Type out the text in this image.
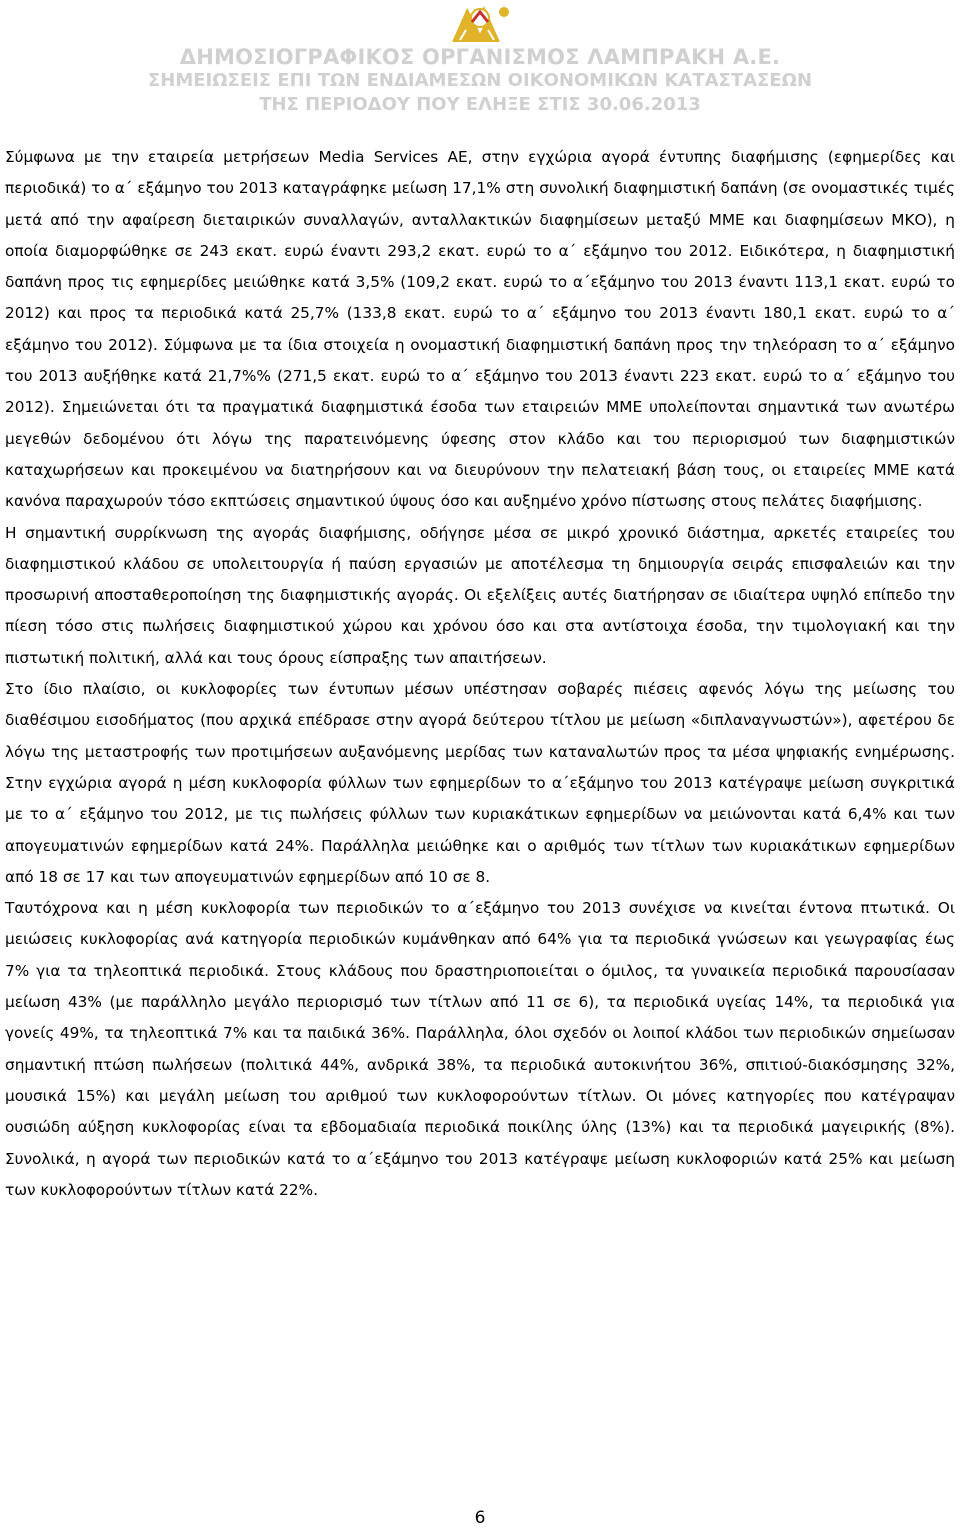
ΔΗΜΟΣΙΟΓΡΑΦΙΚΟΣ ΟΡΓΑΝΙΣΜΟΣ ΛΑΜΠΡΑΚΗ Α.Ε.
ΣΗΜΕΙΩΣΕΙΣ ΕΠΙ ΤΩΝ ΕΝΔΙΑΜΕΣΩΝ ΟΙΚΟΝΟΜΙΚΩΝ ΚΑΤΑΣΤΑΣΕΩΝ
ΤΗΣ ΠΕΡΙΟΔΟΥ ΠΟΥ ΕΛΗΞΕ ΣΤΙΣ 30.06.2013

Σύμφωνα με την εταιρεία μετρήσεων Media Services ΑΕ, στην εγχώρια αγορά έντυπης διαφήμισης (εφημερίδες και περιοδικά) το α΄ εξάμηνο του 2013 καταγράφηκε μείωση 17,1% στη συνολική διαφημιστική δαπάνη (σε ονομαστικές τιμές μετά από την αφαίρεση διεταιρικών συναλλαγών, ανταλλακτικών διαφημίσεων μεταξύ ΜΜΕ και διαφημίσεων ΜΚΟ), η οποία διαμορφώθηκε σε 243 εκατ. ευρώ έναντι 293,2 εκατ. ευρώ το α΄ εξάμηνο του 2012. Ειδικότερα, η διαφημιστική δαπάνη προς τις εφημερίδες μειώθηκε κατά 3,5% (109,2 εκατ. ευρώ το α΄εξάμηνο του 2013 έναντι 113,1 εκατ. ευρώ το 2012) και προς τα περιοδικά κατά 25,7% (133,8 εκατ. ευρώ το α΄ εξάμηνο του 2013 έναντι 180,1 εκατ. ευρώ το α΄ εξάμηνο του 2012). Σύμφωνα με τα ίδια στοιχεία η ονομαστική διαφημιστική δαπάνη προς την τηλεόραση το α΄ εξάμηνο του 2013 αυξήθηκε κατά 21,7%% (271,5 εκατ. ευρώ το α΄ εξάμηνο του 2013 έναντι 223 εκατ. ευρώ το α΄ εξάμηνο του 2012). Σημειώνεται ότι τα πραγματικά διαφημιστικά έσοδα των εταιρειών ΜΜΕ υπολείπονται σημαντικά των ανωτέρω μεγεθών δεδομένου ότι λόγω της παρατεινόμενης ύφεσης στον κλάδο και του περιορισμού των διαφημιστικών καταχωρήσεων και προκειμένου να διατηρήσουν και να διευρύνουν την πελατειακή βάση τους, οι εταιρείες ΜΜΕ κατά κανόνα παραχωρούν τόσο εκπτώσεις σημαντικού ύψους όσο και αυξημένο χρόνο πίστωσης στους πελάτες διαφήμισης.

Η σημαντική συρρίκνωση της αγοράς διαφήμισης, οδήγησε μέσα σε μικρό χρονικό διάστημα, αρκετές εταιρείες του διαφημιστικού κλάδου σε υπολειτουργία ή παύση εργασιών με αποτέλεσμα τη δημιουργία σειράς επισφαλειών και την προσωρινή αποσταθεροποίηση της διαφημιστικής αγοράς. Οι εξελίξεις αυτές διατήρησαν σε ιδιαίτερα υψηλό επίπεδο την πίεση τόσο στις πωλήσεις διαφημιστικού χώρου και χρόνου όσο και στα αντίστοιχα έσοδα, την τιμολογιακή και την πιστωτική πολιτική, αλλά και τους όρους είσπραξης των απαιτήσεων.

Στο ίδιο πλαίσιο, οι κυκλοφορίες των έντυπων μέσων υπέστησαν σοβαρές πιέσεις αφενός λόγω της μείωσης του διαθέσιμου εισοδήματος (που αρχικά επέδρασε στην αγορά δεύτερου τίτλου με μείωση «διπλαναγνωστών»), αφετέρου δε λόγω της μεταστροφής των προτιμήσεων αυξανόμενης μερίδας των καταναλωτών προς τα μέσα ψηφιακής ενημέρωσης. Στην εγχώρια αγορά η μέση κυκλοφορία φύλλων των εφημερίδων το α΄εξάμηνο του 2013 κατέγραψε μείωση συγκριτικά με το α΄ εξάμηνο του 2012, με τις πωλήσεις φύλλων των κυριακάτικων εφημερίδων να μειώνονται κατά 6,4% και των απογευματινών εφημερίδων κατά 24%. Παράλληλα μειώθηκε και ο αριθμός των τίτλων των κυριακάτικων εφημερίδων από 18 σε 17 και των απογευματινών εφημερίδων από 10 σε 8.

Ταυτόχρονα και η μέση κυκλοφορία των περιοδικών το α΄εξάμηνο του 2013 συνέχισε να κινείται έντονα πτωτικά. Οι μειώσεις κυκλοφορίας ανά κατηγορία περιοδικών κυμάνθηκαν από 64% για τα περιοδικά γνώσεων και γεωγραφίας έως 7% για τα τηλεοπτικά περιοδικά. Στους κλάδους που δραστηριοποιείται ο όμιλος, τα γυναικεία περιοδικά παρουσίασαν μείωση 43% (με παράλληλο μεγάλο περιορισμό των τίτλων από 11 σε 6), τα περιοδικά υγείας 14%, τα περιοδικά για γονείς 49%, τα τηλεοπτικά 7% και τα παιδικά 36%. Παράλληλα, όλοι σχεδόν οι λοιποί κλάδοι των περιοδικών σημείωσαν σημαντική πτώση πωλήσεων (πολιτικά 44%, ανδρικά 38%, τα περιοδικά αυτοκινήτου 36%, σπιτιού-διακόσμησης 32%, μουσικά 15%) και μεγάλη μείωση του αριθμού των κυκλοφορούντων τίτλων. Οι μόνες κατηγορίες που κατέγραψαν ουσιώδη αύξηση κυκλοφορίας είναι τα εβδομαδιαία περιοδικά ποικίλης ύλης (13%) και τα περιοδικά μαγειρικής (8%). Συνολικά, η αγορά των περιοδικών κατά το α΄εξάμηνο του 2013 κατέγραψε μείωση κυκλοφοριών κατά 25% και μείωση των κυκλοφορούντων τίτλων κατά 22%.

6
